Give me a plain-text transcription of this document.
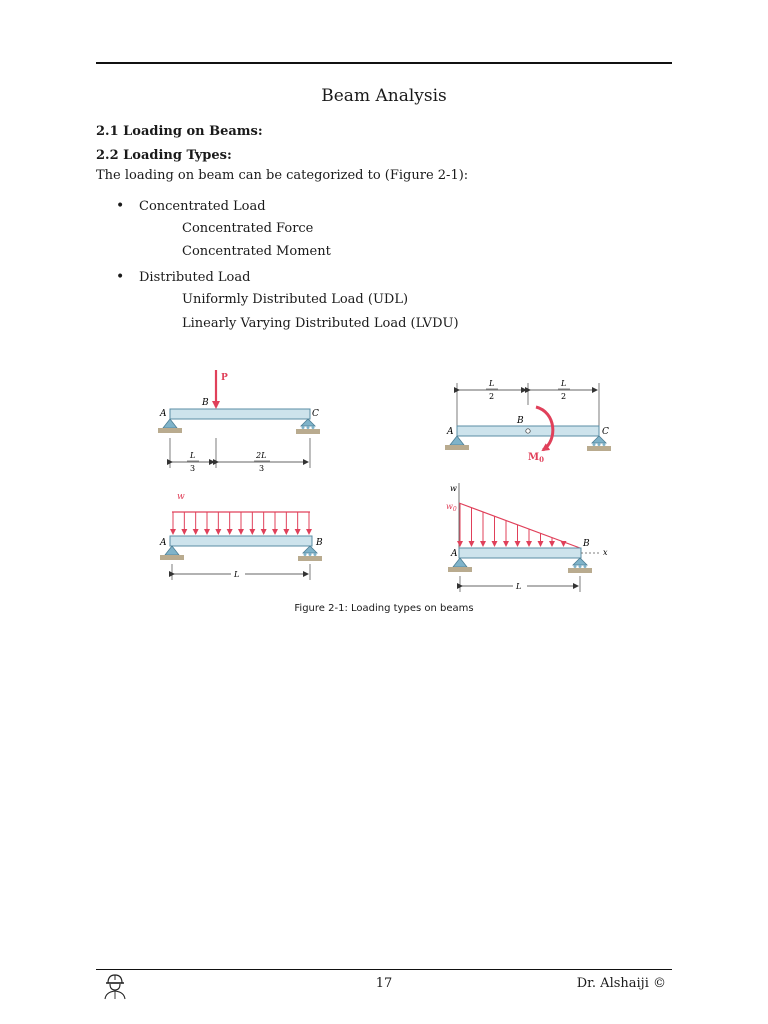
Beam Analysis
2.1 Loading on Beams:
2.2 Loading Types:
The loading on beam can be categorized to (Figure 2-1):
• Concentrated Load
Concentrated Force
Concentrated Moment
• Distributed Load
Uniformly Distributed Load (UDL)
Linearly Varying Distributed Load (LVDU)
P
A
B
C
L
3
2L
3
L
2
L
2
$M_0$
A
B
C
w
A	B
L
w
$w_0$
x
A
B
L
Figure 2-1: Loading types on beams
17	Dr. Alshaiji ©
